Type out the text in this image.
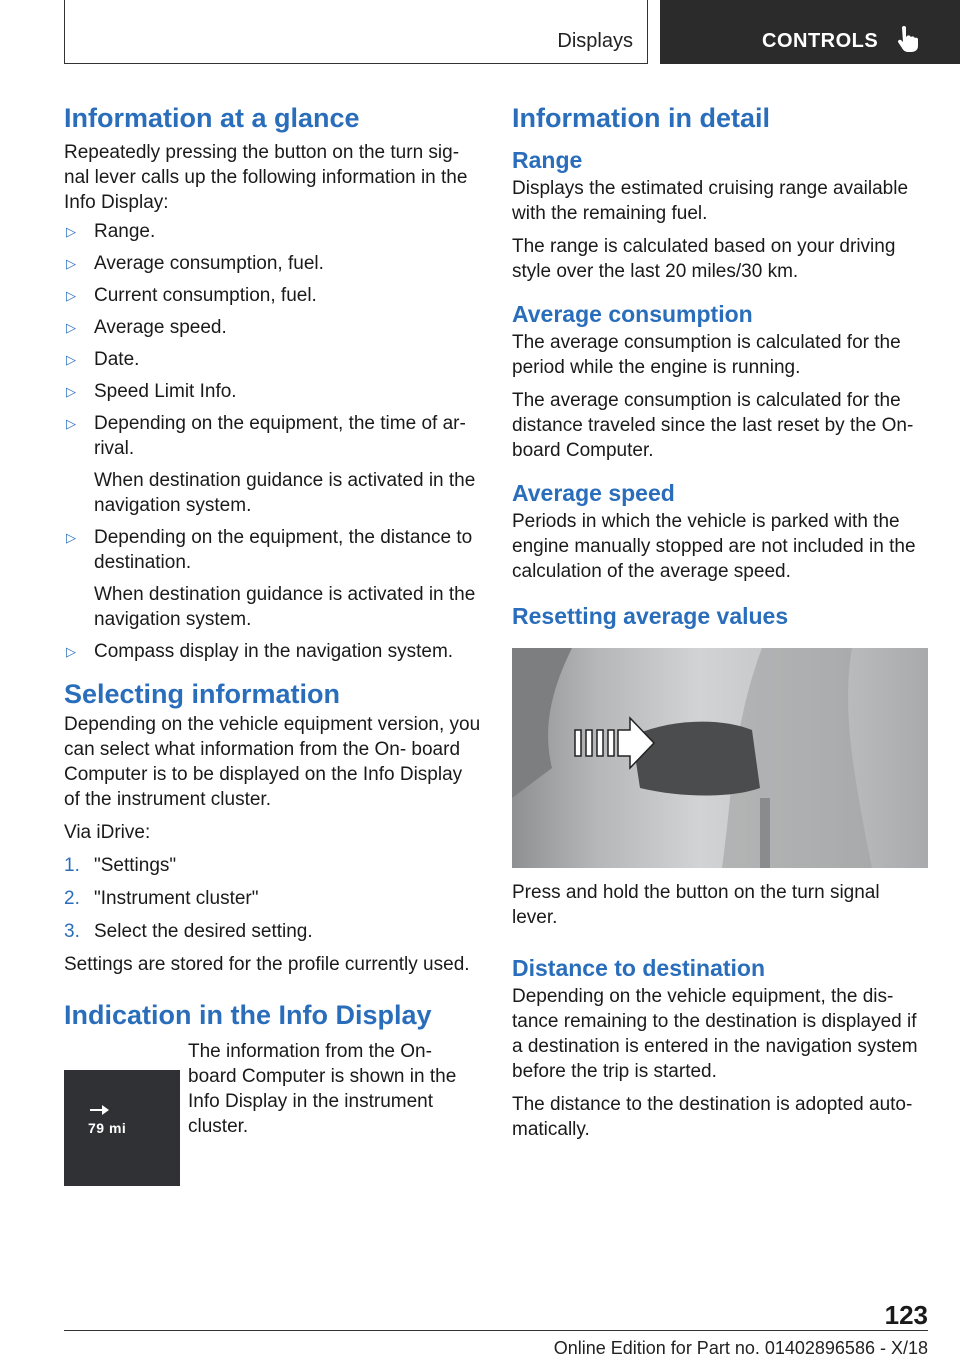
Displays	CONTROLS
Information at a glance

Repeatedly pressing the button on the turn sig‐ nal lever calls up the following information in the Info Display:

▷ Range.
▷ Average consumption, fuel.
▷ Current consumption, fuel.
▷ Average speed.
▷ Date.
▷ Speed Limit Info.
▷ Depending on the equipment, the time of ar‐ rival.
When destination guidance is activated in the navigation system.
▷ Depending on the equipment, the distance to destination.
When destination guidance is activated in the navigation system.
▷ Compass display in the navigation system.
Selecting information

Depending on the vehicle equipment version, you can select what information from the On- board Computer is to be displayed on the Info Display of the instrument cluster.

Via iDrive:

1. "Settings"
2. "Instrument cluster"
3. Select the desired setting.

Settings are stored for the profile currently used.

Indication in the Info Display

The information from the On- board Computer is shown in the Info Display in the instrument cluster.

79 mi
Information in detail
Range

Displays the estimated cruising range available with the remaining fuel.

The range is calculated based on your driving style over the last 20 miles/30 km.

Average consumption

The average consumption is calculated for the period while the engine is running.

The average consumption is calculated for the distance traveled since the last reset by the On- board Computer.

Average speed

Periods in which the vehicle is parked with the engine manually stopped are not included in the calculation of the average speed.

Resetting average values

Press and hold the button on the turn signal lever.

Distance to destination

Depending on the vehicle equipment, the dis‐ tance remaining to the destination is displayed if a destination is entered in the navigation system before the trip is started.

The distance to the destination is adopted auto‐ matically.

123
Online Edition for Part no. 01402896586 - X/18
